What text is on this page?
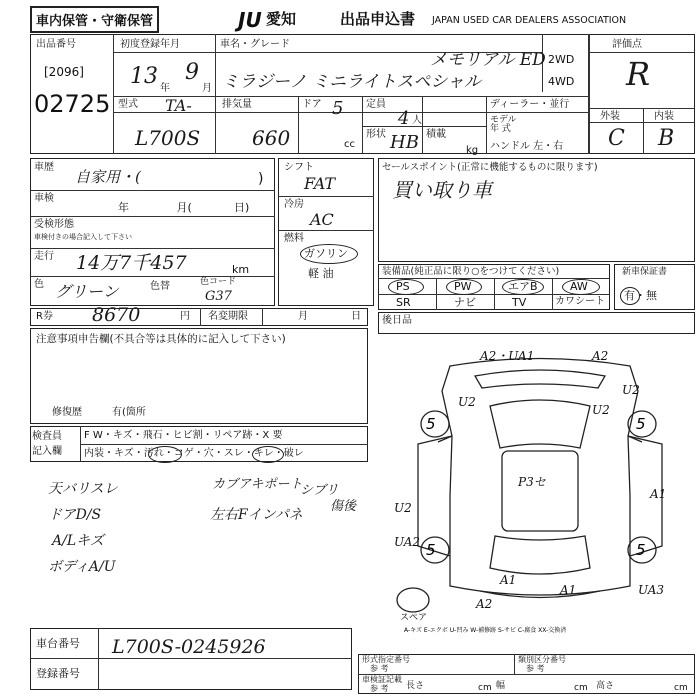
車内保管・守衛保管	JU 愛知	出品申込書 JAPAN USED CAR DEALERS ASSOCIATION
出品番号
[2096]
02725
初度登録年月
13 年
9
月
車名・グレード
メモリアル ED
ミラジーノ ミニライトスペシャル
2WD
4WD
評価点
R
型式 TA-
L700S
排気量
660	cc
ドア 5 定員
4 人
形状 HB 積載
kg
ディーラー・並行
モデル
年 式
ハンドル 左・右
外装	内装
C B
車歴
自家用・(	)
車検
年 月(	日)
受検形態
車検付きの場合記入して下さい
走行 14万7千457	km
色 グリーン	色替	色コード
G37
R券 8670	円 名変期限	月 日
シフト
FAT
冷房
AC
燃料
ガソリン
軽 油
セールスポイント(正常に機能するものに限ります)
買い取り車
装備品(純正品に限り○をつけてください)
PS	PW	エアB	AW
SR	ナビ	TV	カワシート
新車保証書
有・無
後日品
注意事項申告欄(不具合等は具体的に記入して下さい)
修復歴	有(箇所
検査員
記入欄
F W・キズ・飛石・ヒビ割・リペア跡・X 要
内装・キズ・汚れ・コゲ・穴・スレ・キレ・破レ
天バリスレ
ドアD/S
A/Lキズ
ボディA/U
カブアキポート
シブリ
傷後
左右Fインパネ
5	5
5	5
A2・UA1	A2
U2
U2
U2
A1
P3セ
U2
UA2
A1
A1	UA3
A2
スペア
A-キズ E-エクボ U-凹み W-補修跡 S-サビ C-腐食 XX-交換済
車台番号 L700S-0245926
登録番号
形式指定番号
参 考
類別区分番号
参 考
車検証記載
参 考 長さ	cm 幅	cm 高さ	cm
